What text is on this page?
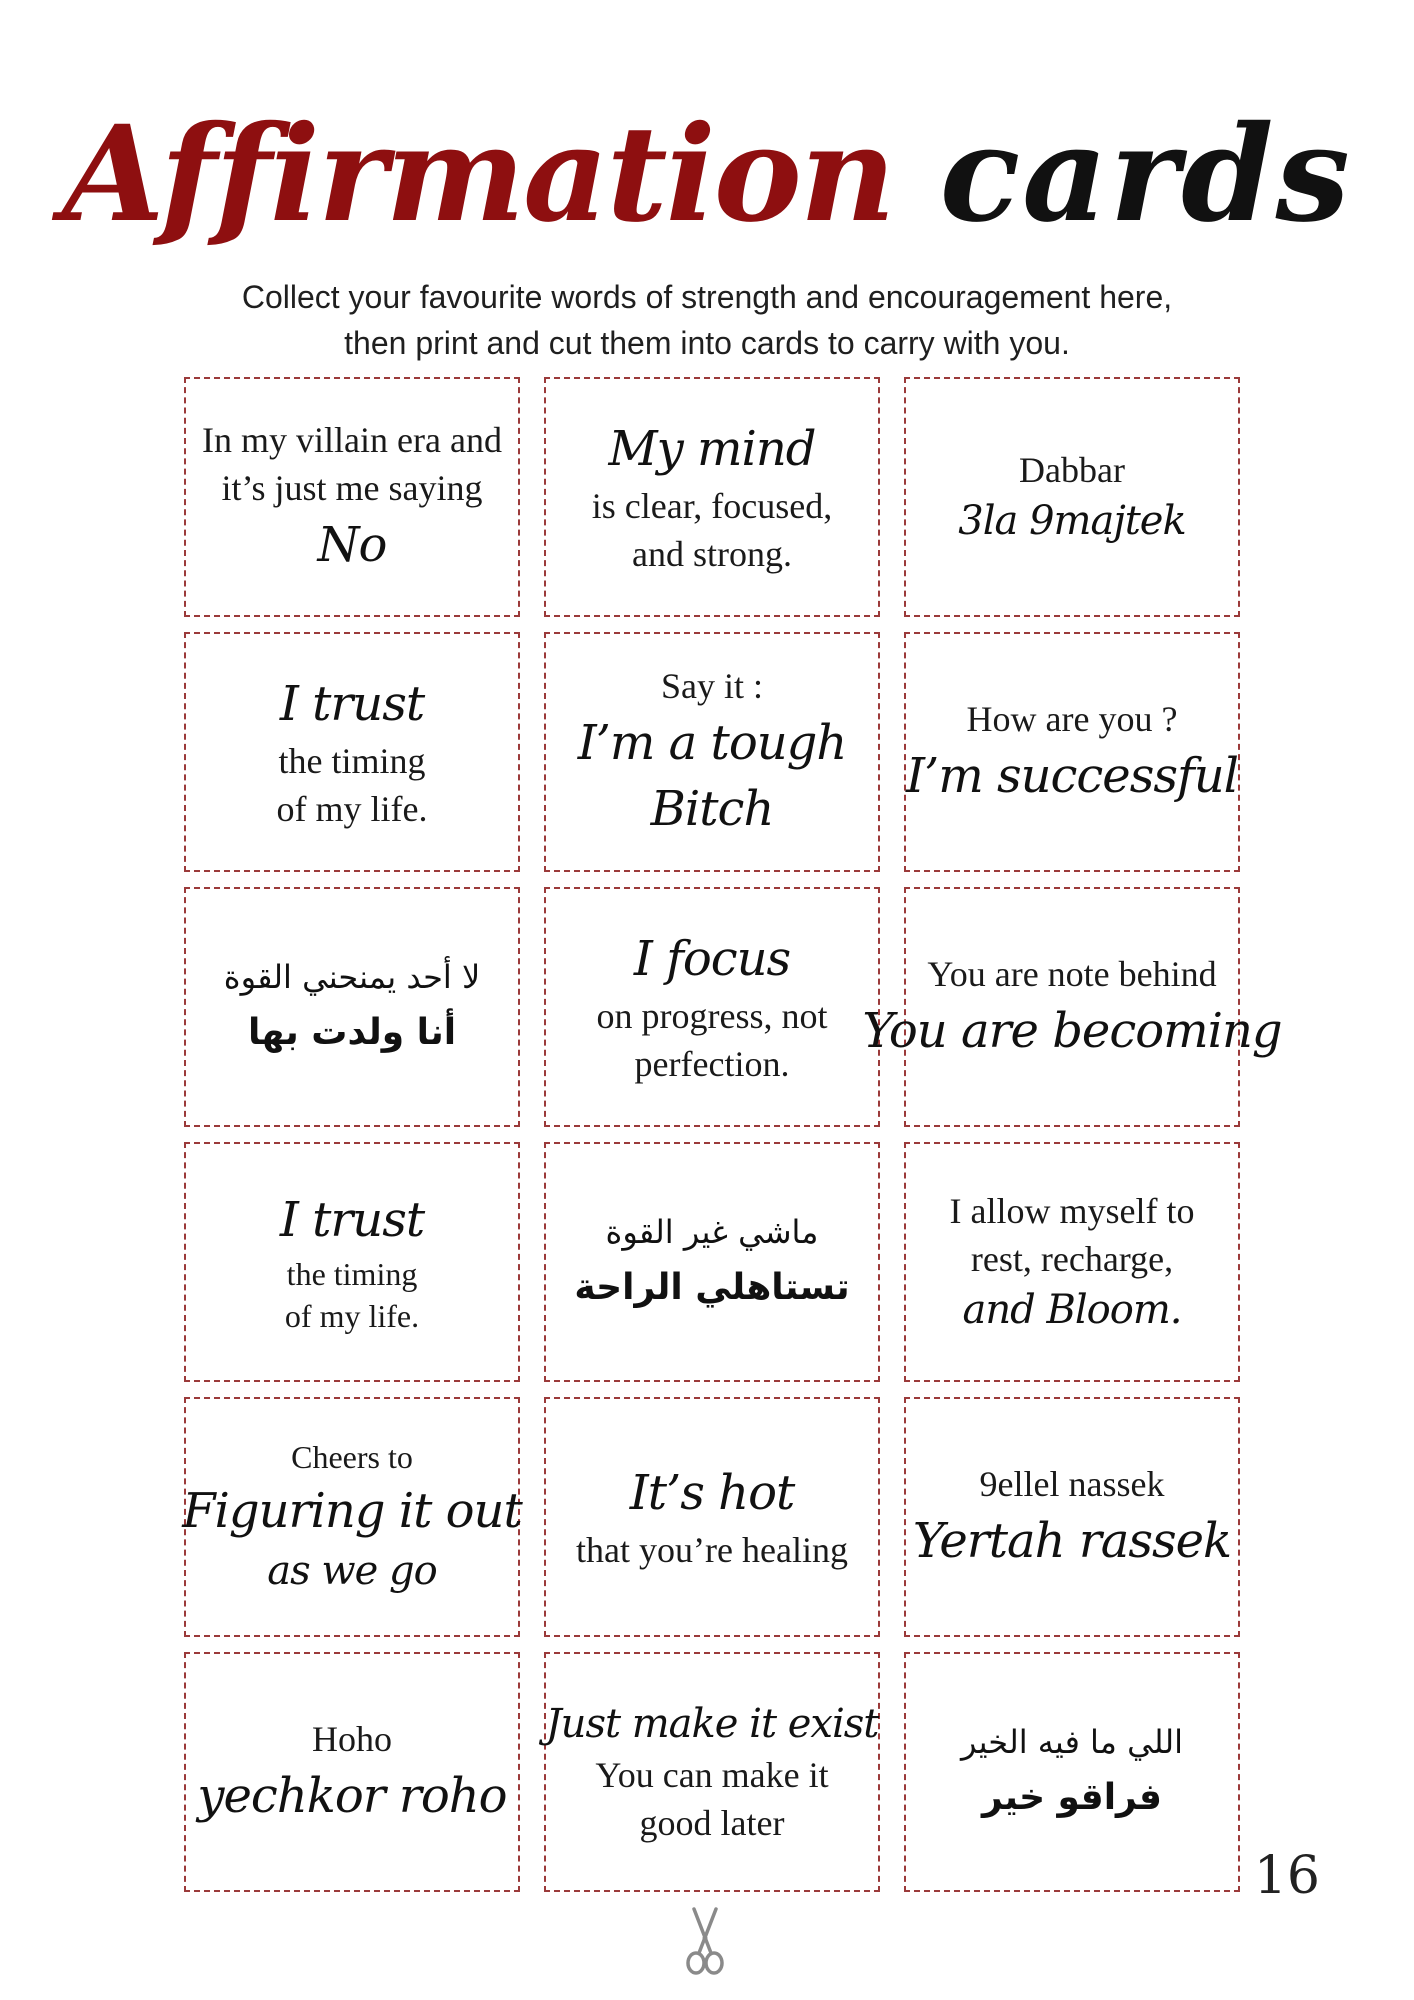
Affirmation cards
Collect your favourite words of strength and encouragement here,
then print and cut them into cards to carry with you.
In my villain era and
it’s just me saying
No
My mind
is clear, focused,
and strong.
Dabbar
3la 9majtek
I trust
the timing
of my life.
Say it :
I’m a tough
Bitch
How are you ?
I’m successful
لا أحد يمنحني القوة
أنا ولدت بها
I focus
on progress, not
perfection.
You are note behind
You are becoming
I trust
the timing
of my life.
ماشي غير القوة
تستاهلي الراحة
I allow myself to
rest, recharge,
and Bloom.
Cheers to
Figuring it out
as we go
It’s hot
that you’re healing
9ellel nassek
Yertah rassek
Hoho
yechkor roho
Just make it exist
You can make it
good later
اللي ما فيه الخير
فراقو خير
16
